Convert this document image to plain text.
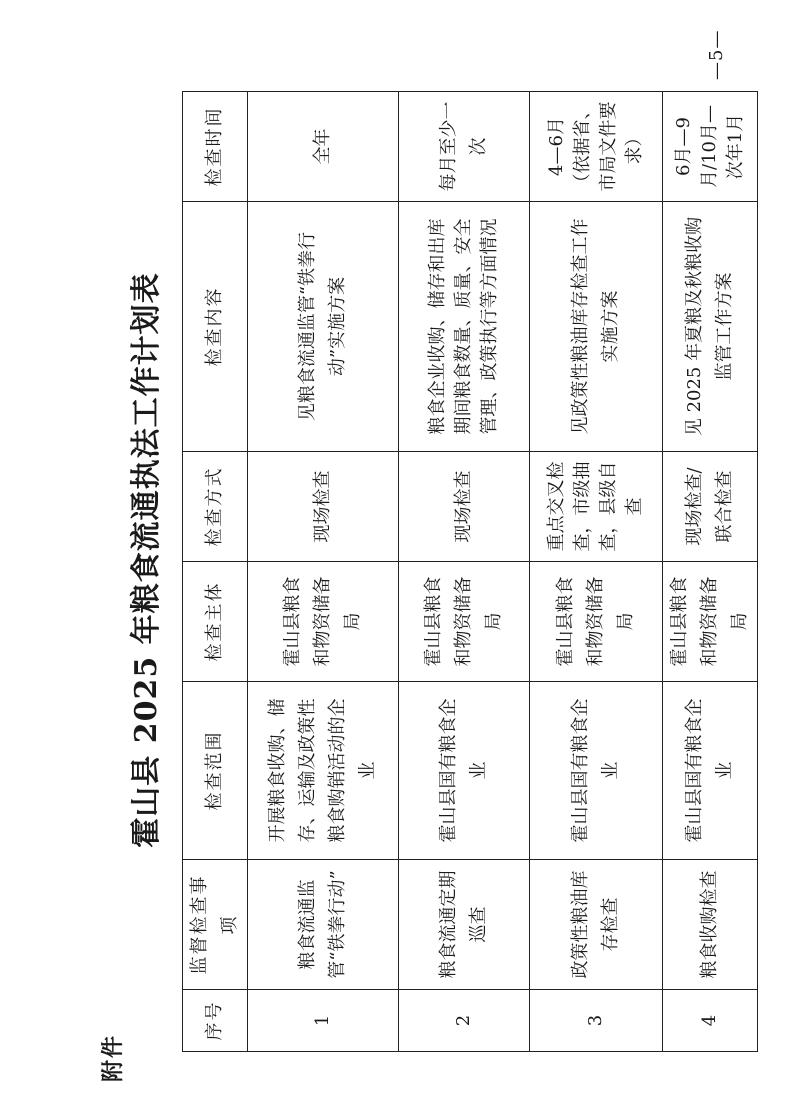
附件
霍山县 2025 年粮食流通执法工作计划表
序号	监督检查事项	检查范围	检查主体	检查方式	检查内容	检查时间
1	粮食流通监管“铁拳行动”	开展粮食收购、储存、运输及政策性粮食购销活动的企业	霍山县粮食和物资储备局	现场检查	见粮食流通监管“铁拳行动”实施方案	全年
2	粮食流通定期巡查	霍山县国有粮食企业	霍山县粮食和物资储备局	现场检查	粮食企业收购、储存和出库期间粮食数量、质量、安全管理、政策执行等方面情况	每月至少一次
3	政策性粮油库存检查	霍山县国有粮食企业	霍山县粮食和物资储备局	重点交叉检查，市级抽查，县级自查	见政策性粮油库存检查工作实施方案	4—6月（依据省、市局文件要求）
4	粮食收购检查	霍山县国有粮食企业	霍山县粮食和物资储备局	现场检查/联合检查	见 2025 年夏粮及秋粮收购监管工作方案	6月—9月/10月—次年1月
—5—
